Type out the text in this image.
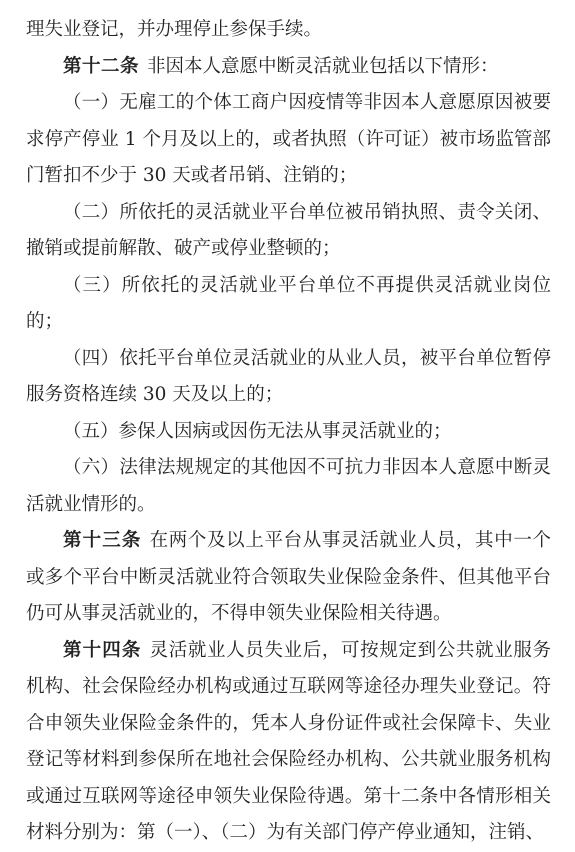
理失业登记，并办理停止参保手续。

第十二条 非因本人意愿中断灵活就业包括以下情形：

（一）无雇工的个体工商户因疫情等非因本人意愿原因被要求停产停业 1 个月及以上的，或者执照（许可证）被市场监管部门暂扣不少于 30 天或者吊销、注销的；

（二）所依托的灵活就业平台单位被吊销执照、责令关闭、撤销或提前解散、破产或停业整顿的；

（三）所依托的灵活就业平台单位不再提供灵活就业岗位的；

（四）依托平台单位灵活就业的从业人员，被平台单位暂停服务资格连续 30 天及以上的；

（五）参保人因病或因伤无法从事灵活就业的；

（六）法律法规规定的其他因不可抗力非因本人意愿中断灵活就业情形的。

第十三条 在两个及以上平台从事灵活就业人员，其中一个或多个平台中断灵活就业符合领取失业保险金条件、但其他平台仍可从事灵活就业的，不得申领失业保险相关待遇。

第十四条 灵活就业人员失业后，可按规定到公共就业服务机构、社会保险经办机构或通过互联网等途径办理失业登记。符合申领失业保险金条件的，凭本人身份证件或社会保障卡、失业登记等材料到参保所在地社会保险经办机构、公共就业服务机构或通过互联网等途径申领失业保险待遇。第十二条中各情形相关材料分别为：第（一）、（二）为有关部门停产停业通知，注销、
